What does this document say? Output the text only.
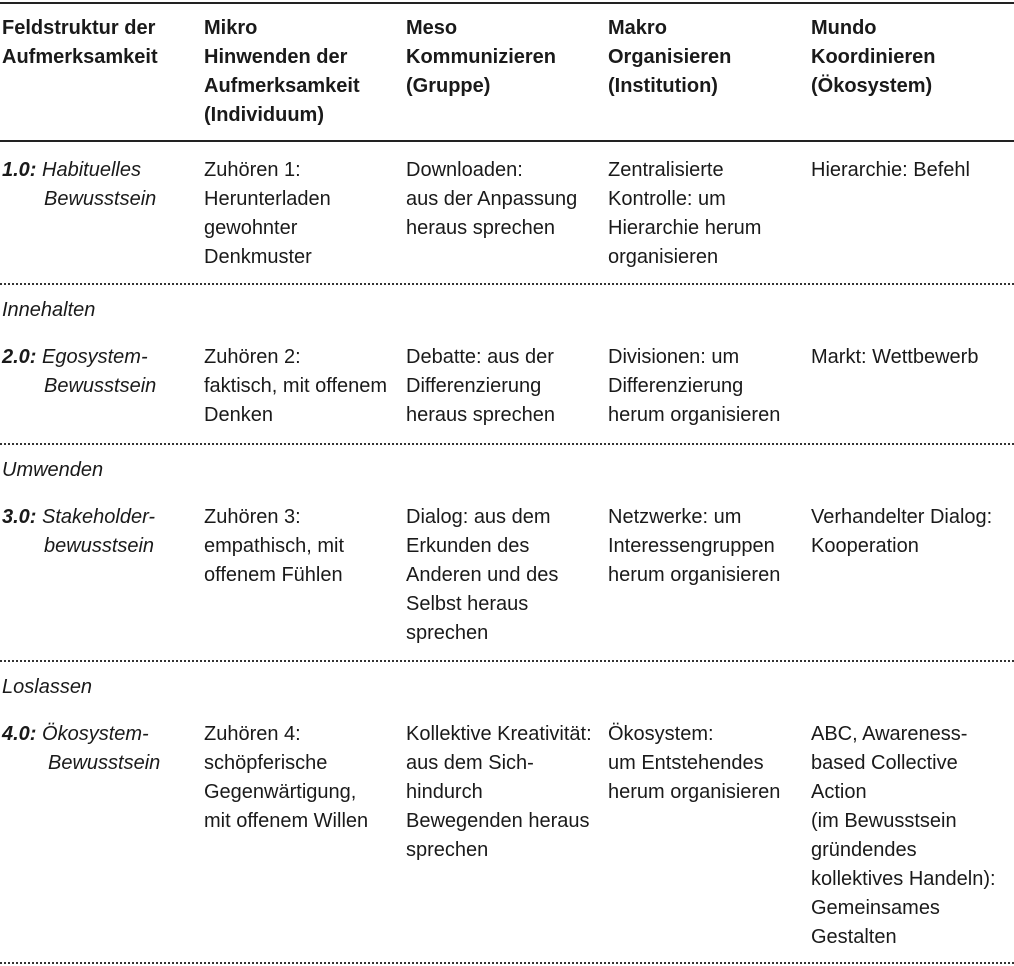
Feldstruktur der
Aufmerksamkeit
Mikro
Hinwenden der
Aufmerksamkeit
(Individuum)
Meso
Kommunizieren
(Gruppe)
Makro
Organisieren
(Institution)
Mundo
Koordinieren
(Ökosystem)
1.0: Habituelles
Bewusstsein
Zuhören 1:
Herunterladen
gewohnter
Denkmuster
Downloaden:
aus der Anpassung
heraus sprechen
Zentralisierte
Kontrolle: um
Hierarchie herum
organisieren
Hierarchie: Befehl
Innehalten
2.0: Egosystem-
Bewusstsein
Zuhören 2:
faktisch, mit offenem
Denken
Debatte: aus der
Differenzierung
heraus sprechen
Divisionen: um
Differenzierung
herum organisieren
Markt: Wettbewerb
Umwenden
3.0: Stakeholder-
bewusstsein
Zuhören 3:
empathisch, mit
offenem Fühlen
Dialog: aus dem
Erkunden des
Anderen und des
Selbst heraus
sprechen
Netzwerke: um
Interessengruppen
herum organisieren
Verhandelter Dialog:
Kooperation
Loslassen
4.0: Ökosystem-
Bewusstsein
Zuhören 4:
schöpferische
Gegenwärtigung,
mit offenem Willen
Kollektive Kreativität:
aus dem Sich-
hindurch
Bewegenden heraus
sprechen
Ökosystem:
um Entstehendes
herum organisieren
ABC, Awareness-
based Collective
Action
(im Bewusstsein
gründendes
kollektives Handeln):
Gemeinsames
Gestalten
